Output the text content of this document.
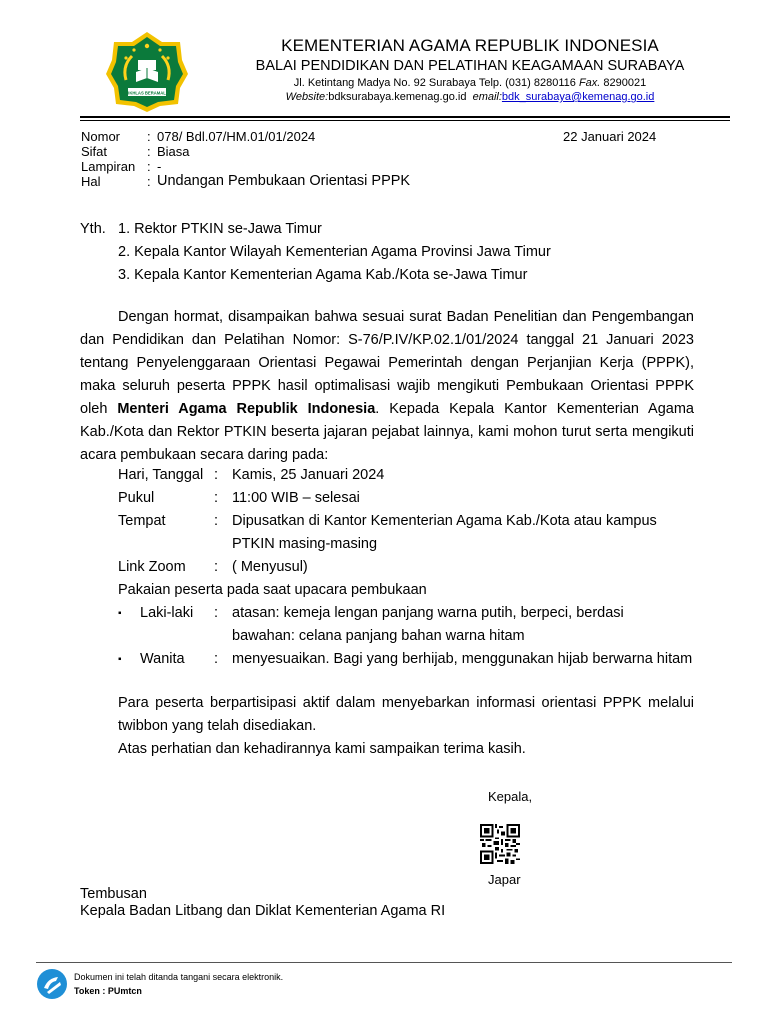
IKHLAS BERAMAL
KEMENTERIAN AGAMA REPUBLIK INDONESIA
BALAI PENDIDIKAN DAN PELATIHAN KEAGAMAAN SURABAYA
Jl. Ketintang Madya No. 92 Surabaya Telp. (031) 8280116 Fax. 8290021
Website:bdksurabaya.kemenag.go.id email:bdk_surabaya@kemenag.go.id
Nomor	: 078/ Bdl.07/HM.01/01/2024
Sifat	: Biasa
Lampiran : -
Hal	: Undangan Pembukaan Orientasi PPPK
22 Januari 2024
Yth. 1. Rektor PTKIN se-Jawa Timur
2. Kepala Kantor Wilayah Kementerian Agama Provinsi Jawa Timur
3. Kepala Kantor Kementerian Agama Kab./Kota se-Jawa Timur
Dengan hormat, disampaikan bahwa sesuai surat Badan Penelitian dan Pengembangan dan Pendidikan dan Pelatihan Nomor: S-76/P.IV/KP.02.1/01/2024 tanggal 21 Januari 2023 tentang Penyelenggaraan Orientasi Pegawai Pemerintah dengan Perjanjian Kerja (PPPK), maka seluruh peserta PPPK hasil optimalisasi wajib mengikuti Pembukaan Orientasi PPPK oleh Menteri Agama Republik Indonesia. Kepada Kepala Kantor Kementerian Agama Kab./Kota dan Rektor PTKIN beserta jajaran pejabat lainnya, kami mohon turut serta mengikuti acara pembukaan secara daring pada:
Hari, Tanggal : Kamis, 25 Januari 2024
Pukul	: 11:00 WIB – selesai
Tempat	: Dipusatkan di Kantor Kementerian Agama Kab./Kota atau kampus PTKIN masing-masing
Link Zoom	: ( Menyusul)
Pakaian peserta pada saat upacara pembukaan
▪	Laki-laki : atasan: kemeja lengan panjang warna putih, berpeci, berdasi
bawahan: celana panjang bahan warna hitam
▪	Wanita : menyesuaikan. Bagi yang berhijab, menggunakan hijab berwarna hitam
Para peserta berpartisipasi aktif dalam menyebarkan informasi orientasi PPPK melalui twibbon yang telah disediakan.
Atas perhatian dan kehadirannya kami sampaikan terima kasih.
Kepala,
Japar
Tembusan
Kepala Badan Litbang dan Diklat Kementerian Agama RI
Dokumen ini telah ditanda tangani secara elektronik.
Token : PUmtcn
